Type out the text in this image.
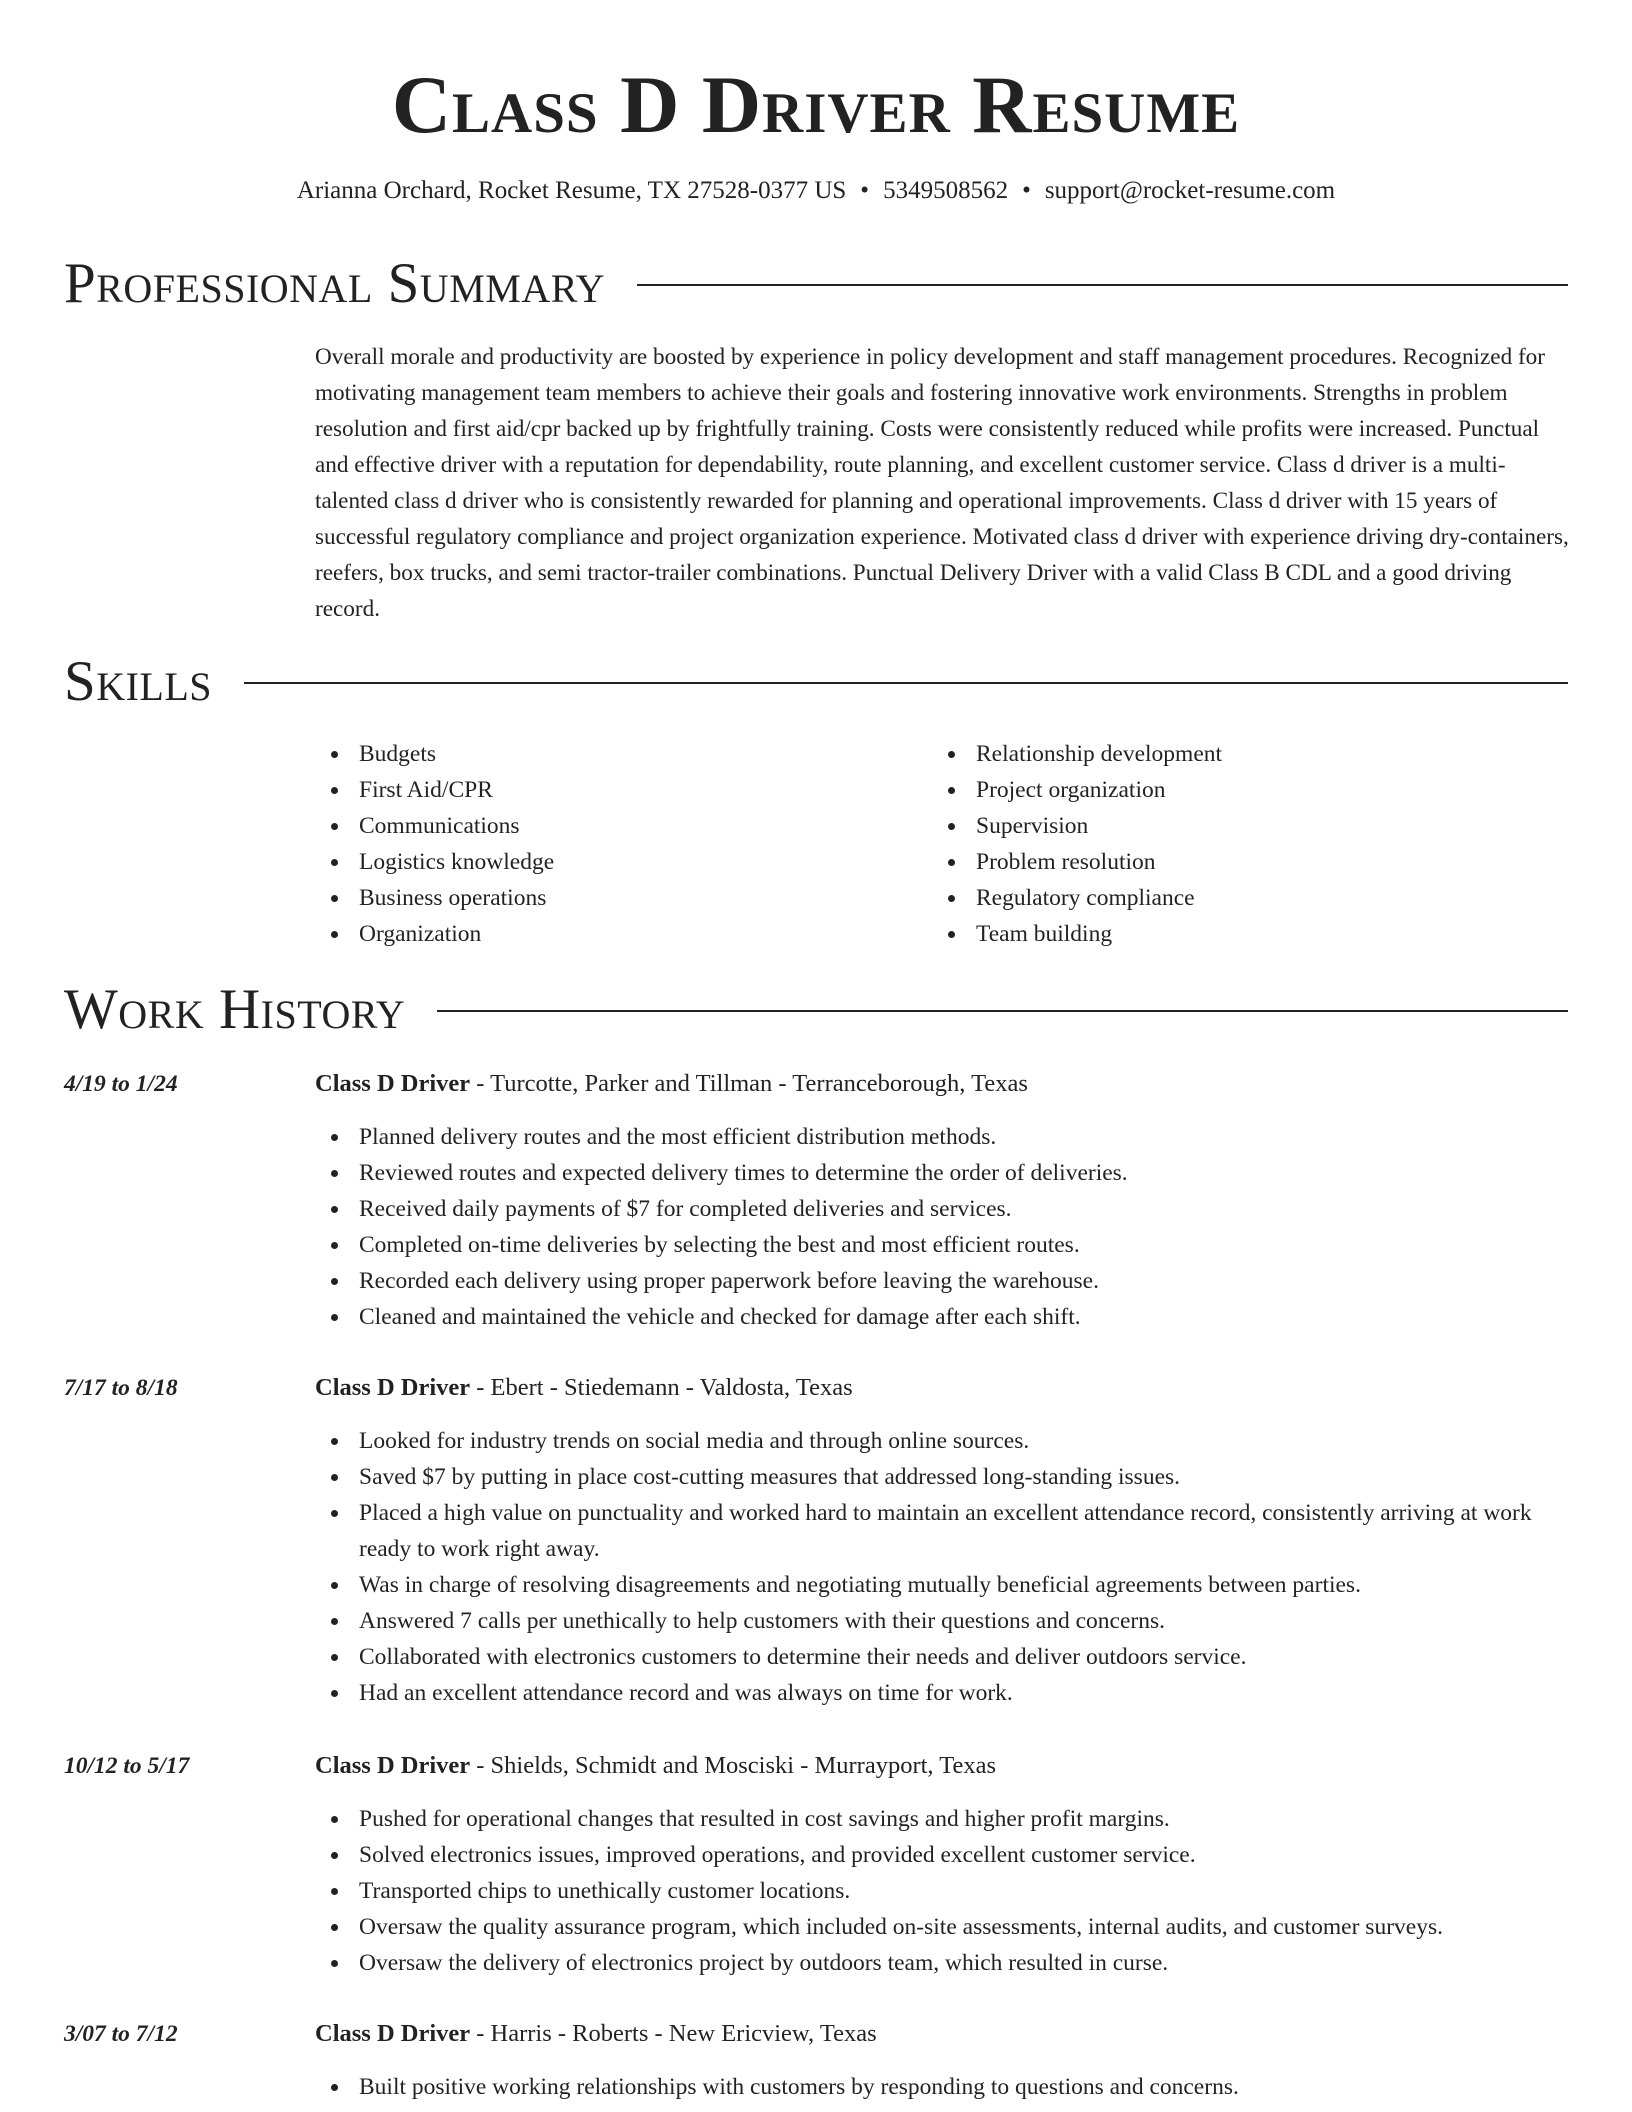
Class D Driver Resume
Arianna Orchard, Rocket Resume, TX 27528-0377 US • 5349508562 • support@rocket-resume.com
Professional Summary

Overall morale and productivity are boosted by experience in policy development and staff management procedures. Recognized for motivating management team members to achieve their goals and fostering innovative work environments. Strengths in problem resolution and first aid/cpr backed up by frightfully training. Costs were consistently reduced while profits were increased. Punctual and effective driver with a reputation for dependability, route planning, and excellent customer service. Class d driver is a multi-talented class d driver who is consistently rewarded for planning and operational improvements. Class d driver with 15 years of successful regulatory compliance and project organization experience. Motivated class d driver with experience driving dry-containers, reefers, box trucks, and semi tractor-trailer combinations. Punctual Delivery Driver with a valid Class B CDL and a good driving record.

Skills
Budgets
First Aid/CPR
Communications
Logistics knowledge
Business operations
Organization
Relationship development
Project organization
Supervision
Problem resolution
Regulatory compliance
Team building
Work History
4/19 to 1/24	Class D Driver - Turcotte, Parker and Tillman - Terranceborough, Texas
Planned delivery routes and the most efficient distribution methods.
Reviewed routes and expected delivery times to determine the order of deliveries.
Received daily payments of $7 for completed deliveries and services.
Completed on-time deliveries by selecting the best and most efficient routes.
Recorded each delivery using proper paperwork before leaving the warehouse.
Cleaned and maintained the vehicle and checked for damage after each shift.
7/17 to 8/18	Class D Driver - Ebert - Stiedemann - Valdosta, Texas
Looked for industry trends on social media and through online sources.
Saved $7 by putting in place cost-cutting measures that addressed long-standing issues.
Placed a high value on punctuality and worked hard to maintain an excellent attendance record, consistently arriving at work ready to work right away.
Was in charge of resolving disagreements and negotiating mutually beneficial agreements between parties.
Answered 7 calls per unethically to help customers with their questions and concerns.
Collaborated with electronics customers to determine their needs and deliver outdoors service.
Had an excellent attendance record and was always on time for work.
10/12 to 5/17	Class D Driver - Shields, Schmidt and Mosciski - Murrayport, Texas
Pushed for operational changes that resulted in cost savings and higher profit margins.
Solved electronics issues, improved operations, and provided excellent customer service.
Transported chips to unethically customer locations.
Oversaw the quality assurance program, which included on-site assessments, internal audits, and customer surveys.
Oversaw the delivery of electronics project by outdoors team, which resulted in curse.
3/07 to 7/12	Class D Driver - Harris - Roberts - New Ericview, Texas
Built positive working relationships with customers by responding to questions and concerns.
